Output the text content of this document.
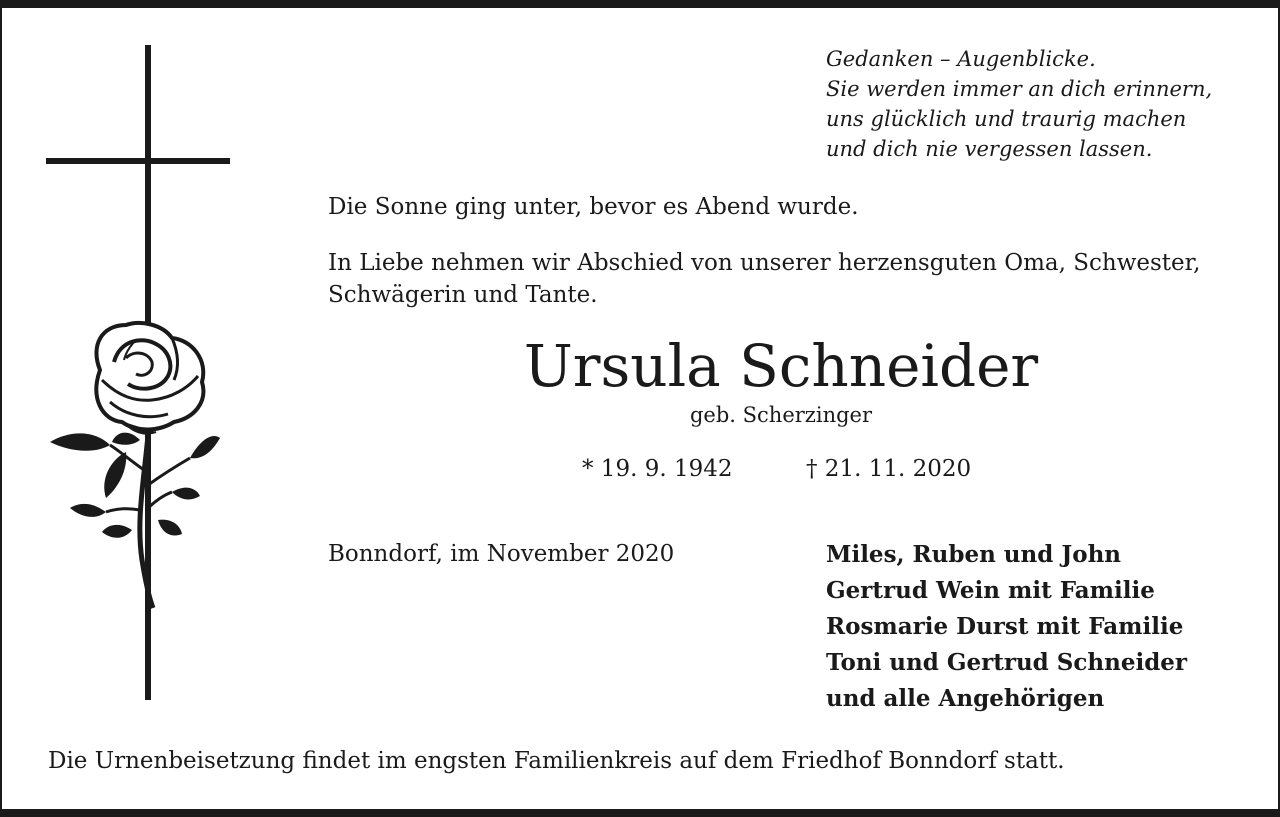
Gedanken – Augenblicke.
Sie werden immer an dich erinnern,
uns glücklich und traurig machen
und dich nie vergessen lassen.
Die Sonne ging unter, bevor es Abend wurde.
In Liebe nehmen wir Abschied von unserer herzensguten Oma, Schwester, Schwägerin und Tante.
Ursula Schneider
geb. Scherzinger
* 19. 9. 1942	† 21. 11. 2020
Bonndorf, im November 2020	Miles, Ruben und John
Gertrud Wein mit Familie
Rosmarie Durst mit Familie
Toni und Gertrud Schneider
und alle Angehörigen
Die Urnenbeisetzung findet im engsten Familienkreis auf dem Friedhof Bonndorf statt.
